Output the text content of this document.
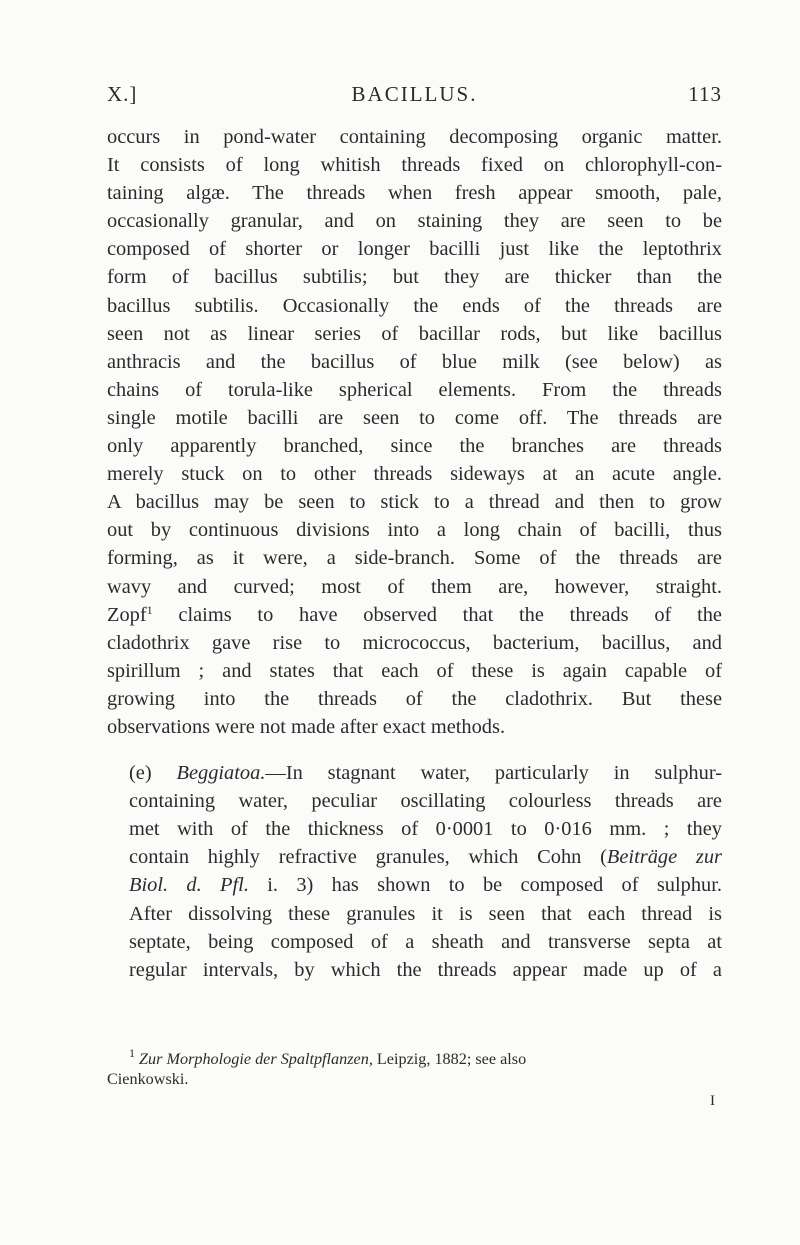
X.]	BACILLUS.	113

occurs in pond-water containing decomposing organic matter.
It consists of long whitish threads fixed on chlorophyll-con-
taining algæ. The threads when fresh appear smooth, pale,
occasionally granular, and on staining they are seen to be
composed of shorter or longer bacilli just like the leptothrix
form of bacillus subtilis; but they are thicker than the
bacillus subtilis. Occasionally the ends of the threads are
seen not as linear series of bacillar rods, but like bacillus
anthracis and the bacillus of blue milk (see below) as
chains of torula-like spherical elements. From the threads
single motile bacilli are seen to come off. The threads are
only apparently branched, since the branches are threads
merely stuck on to other threads sideways at an acute angle.
A bacillus may be seen to stick to a thread and then to grow
out by continuous divisions into a long chain of bacilli, thus
forming, as it were, a side-branch. Some of the threads are
wavy and curved; most of them are, however, straight.
Zopf$^1$ claims to have observed that the threads of the
cladothrix gave rise to micrococcus, bacterium, bacillus, and
spirillum ; and states that each of these is again capable of
growing into the threads of the cladothrix. But these
observations were not made after exact methods.

(e) Beggiatoa.—In stagnant water, particularly in sulphur-
containing water, peculiar oscillating colourless threads are
met with of the thickness of 0·0001 to 0·016 mm. ; they
contain highly refractive granules, which Cohn (Beiträge zur
Biol. d. Pfl. i. 3) has shown to be composed of sulphur.
After dissolving these granules it is seen that each thread is
septate, being composed of a sheath and transverse septa at
regular intervals, by which the threads appear made up of a

$^1$ Zur Morphologie der Spaltpflanzen, Leipzig, 1882; see also
Cienkowski.
I
